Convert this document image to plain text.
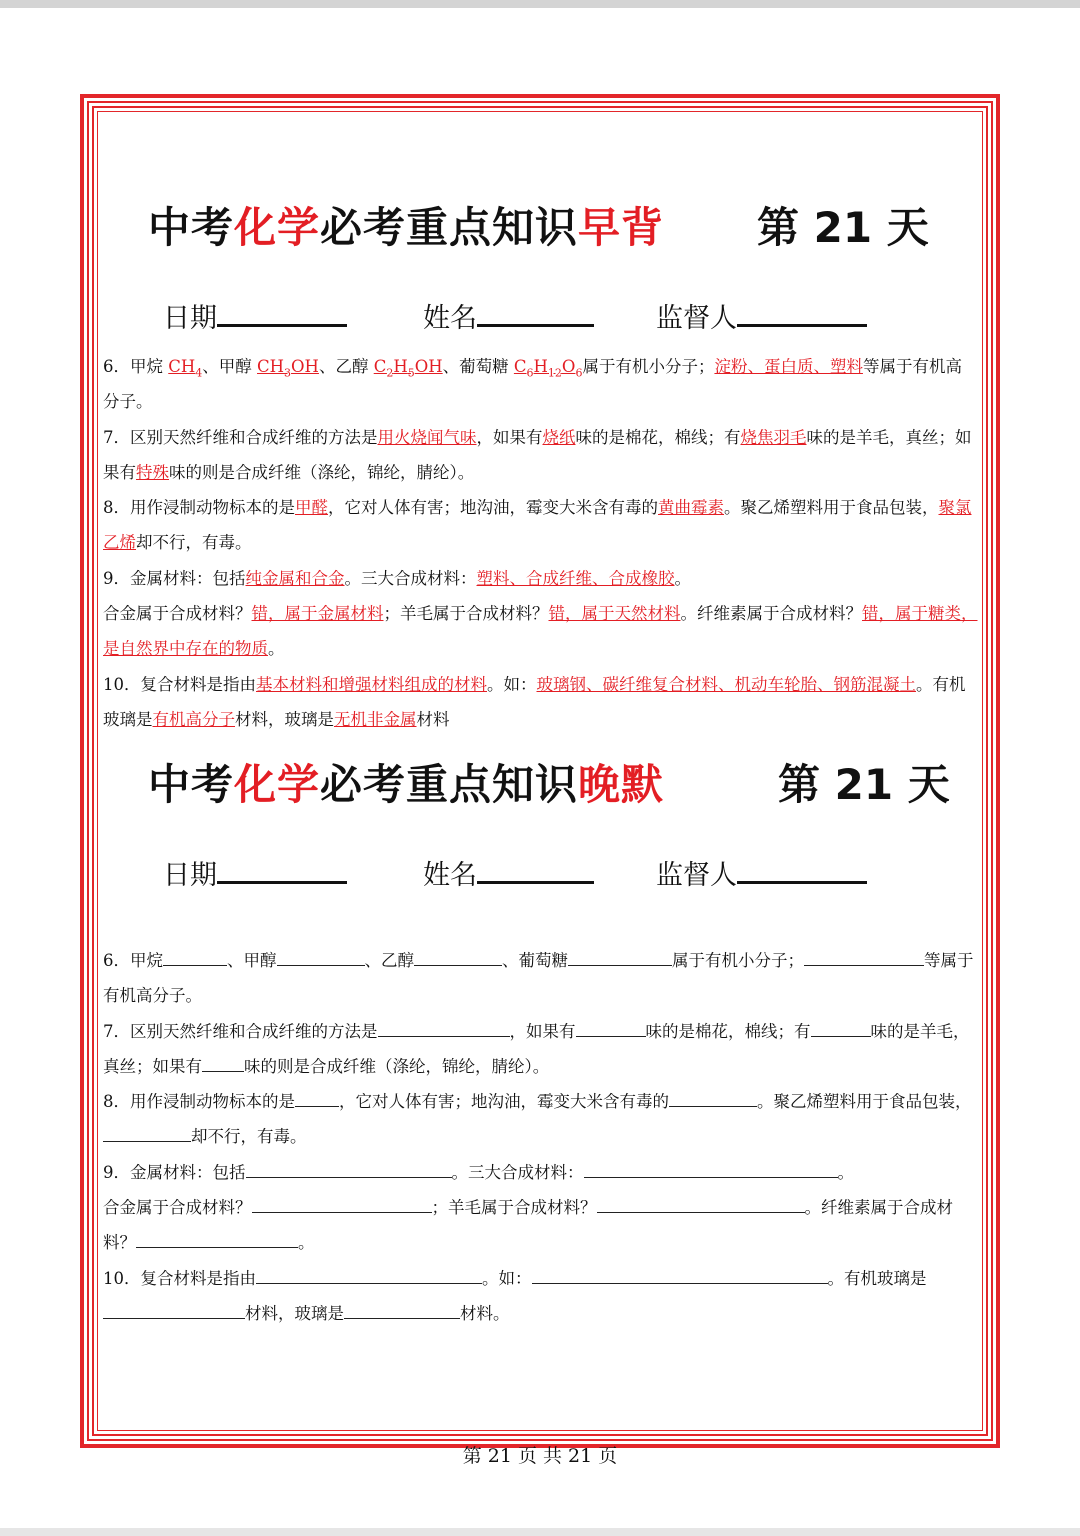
中考化学必考重点知识早背 第 21 天
日期	姓名	监督人

6．甲烷 $CH_4$、甲醇 $CH_3OH$、乙醇 $C_2H_5OH$、葡萄糖 $C_6H_{12}O_6$属于有机小分子；淀粉、蛋白质、塑料等属于有机高分子。

7．区别天然纤维和合成纤维的方法是用火烧闻气味，如果有烧纸味的是棉花，棉线；有烧焦羽毛味的是羊毛，真丝；如果有特殊味的则是合成纤维（涤纶，锦纶，腈纶）。

8．用作浸制动物标本的是甲醛，它对人体有害；地沟油，霉变大米含有毒的黄曲霉素。聚乙烯塑料用于食品包装，聚氯乙烯却不行，有毒。

9．金属材料：包括纯金属和合金。三大合成材料：塑料、合成纤维、合成橡胶。

合金属于合成材料？错，属于金属材料；羊毛属于合成材料？错，属于天然材料。纤维素属于合成材料？错，属于糖类，是自然界中存在的物质。

10．复合材料是指由基本材料和增强材料组成的材料。如：玻璃钢、碳纤维复合材料、机动车轮胎、钢筋混凝土。有机玻璃是有机高分子材料，玻璃是无机非金属材料

中考化学必考重点知识晚默	第 21 天
日期	姓名	监督人

6．甲烷	、甲醇	、乙醇	、葡萄糖	属于有机小分子；	等属于有机高分子。

7．区别天然纤维和合成纤维的方法是	，如果有	味的是棉花，棉线；有	味的是羊毛，真丝；如果有	味的则是合成纤维（涤纶，锦纶，腈纶）。

8．用作浸制动物标本的是	，它对人体有害；地沟油，霉变大米含有毒的	。聚乙烯塑料用于食品包装，却不行，有毒。

9．金属材料：包括	。三大合成材料：	。

合金属于合成材料？	；羊毛属于合成材料？	。纤维素属于合成材料？	。

10．复合材料是指由	。如：	。有机玻璃是材料，玻璃是	材料。

第 21 页 共 21 页
